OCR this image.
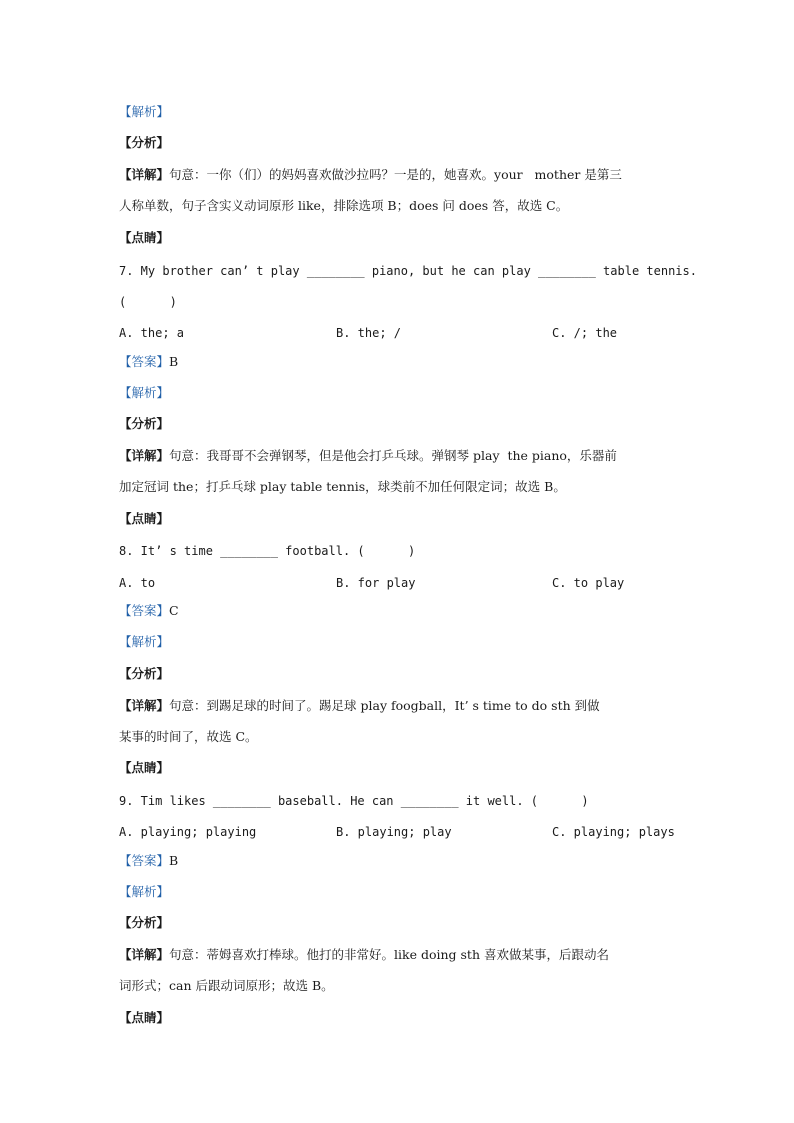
【解析】
【分析】
【详解】句意：一你（们）的妈妈喜欢做沙拉吗？一是的，她喜欢。your   mother 是第三
人称单数，句子含实义动词原形 like，排除选项 B；does 问 does 答，故选 C。
【点睛】
7. My brother can’ t play ________ piano, but he can play ________ table tennis.
(      )
A. the; a	B. the; /	C. /; the
【答案】B
【解析】
【分析】
【详解】句意：我哥哥不会弹钢琴，但是他会打乒乓球。弹钢琴 play  the piano，乐器前
加定冠词 the；打乒乓球 play table tennis，球类前不加任何限定词；故选 B。
【点睛】
8. It’ s time ________ football. (      )
A. to	B. for play	C. to play
【答案】C
【解析】
【分析】
【详解】句意：到踢足球的时间了。踢足球 play foogball，It’ s time to do sth 到做
某事的时间了，故选 C。
【点睛】
9. Tim likes ________ baseball. He can ________ it well. (      )
A. playing; playing	B. playing; play	C. playing; plays
【答案】B
【解析】
【分析】
【详解】句意：蒂姆喜欢打棒球。他打的非常好。like doing sth 喜欢做某事，后跟动名
词形式；can 后跟动词原形；故选 B。
【点睛】
